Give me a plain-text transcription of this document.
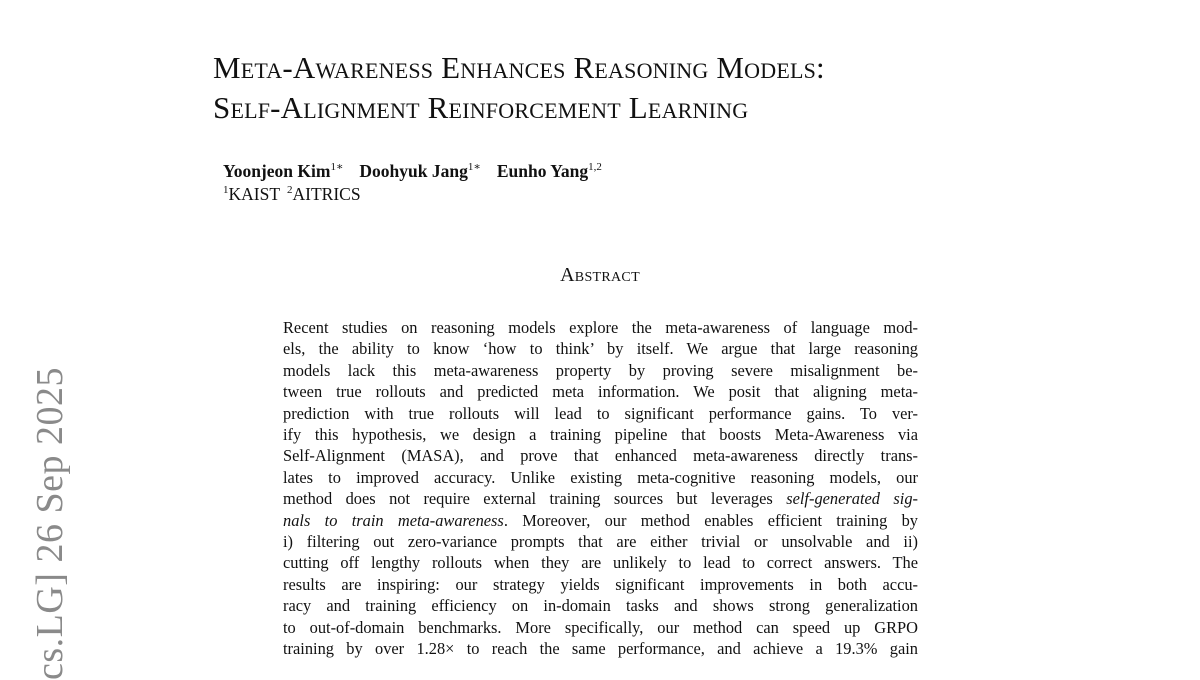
Meta-Awareness Enhances Reasoning Models:
Self-Alignment Reinforcement Learning
Yoonjeon Kim$^{1∗}$ Doohyuk Jang$^{1∗}$ Eunho Yang$^{1,2}$
$^1$KAIST $^2$AITRICS
Abstract
Recent studies on reasoning models explore the meta-awareness of language mod-
els, the ability to know ‘how to think’ by itself. We argue that large reasoning
models lack this meta-awareness property by proving severe misalignment be-
tween true rollouts and predicted meta information. We posit that aligning meta-
prediction with true rollouts will lead to significant performance gains. To ver-
ify this hypothesis, we design a training pipeline that boosts Meta-Awareness via
Self-Alignment (MASA), and prove that enhanced meta-awareness directly trans-
lates to improved accuracy. Unlike existing meta-cognitive reasoning models, our
method does not require external training sources but leverages self-generated sig-
nals to train meta-awareness. Moreover, our method enables efficient training by
i) filtering out zero-variance prompts that are either trivial or unsolvable and ii)
cutting off lengthy rollouts when they are unlikely to lead to correct answers. The
results are inspiring: our strategy yields significant improvements in both accu-
racy and training efficiency on in-domain tasks and shows strong generalization
to out-of-domain benchmarks. More specifically, our method can speed up GRPO
training by over 1.28× to reach the same performance, and achieve a 19.3% gain
cs.LG] 26 Sep 2025
